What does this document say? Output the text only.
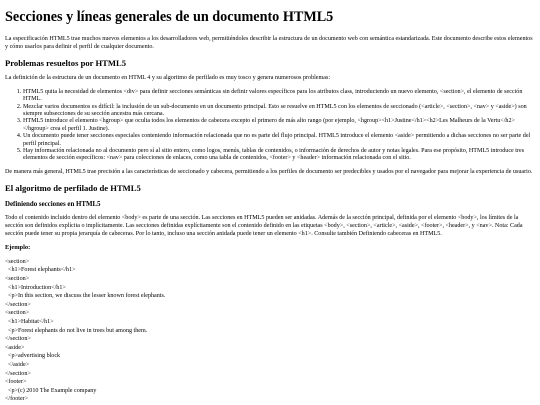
Secciones y líneas generales de un documento HTML5

La especificación HTML5 trae muchos nuevos elementos a los desarrolladores web, permitiéndoles describir la estructura de un documento web con semántica estandarizada. Este documento describe estos elementos y cómo usarlos para definir el perfil de cualquier documento.

Problemas resueltos por HTML5

La definición de la estructura de un documento en HTML 4 y su algoritmo de perfilado es muy tosco y genera numerosos problemas:

1. HTML5 quita la necesidad de elementos <div> para definir secciones semánticas sin definir valores específicos para los atributos class, introduciendo un nuevo elemento, <section>, el elemento de sección HTML.
2. Mezclar varios documentos es difícil: la inclusión de un sub-documento en un documento principal. Esto se resuelve en HTML5 con los elementos de seccionado (<article>, <section>, <nav> y <aside>) son siempre subsecciones de su sección ancestra más cercana.
3. HTML5 introduce el elemento <hgroup> que oculta todos los elementos de cabecera excepto el primero de más alto rango (por ejemplo, <hgroup><h1>Justine</h1><h2>Les Malheurs de la Vertu</h2></hgroup> crea el perfil 1. Justine).
4. Un documento puede tener secciones especiales conteniendo información relacionada que no es parte del flujo principal. HTML5 introduce el elemento <aside> permitiendo a dichas secciones no ser parte del perfil principal.
5. Hay información relacionada no al documento pero sí al sitio entero, como logos, menús, tablas de contenidos, o información de derechos de autor y notas legales. Para ese propósito, HTML5 introduce tres elementos de sección específicos: <nav> para colecciones de enlaces, como una tabla de contenidos, <footer> y <header> información relacionada con el sitio.

De manera más general, HTML5 trae precisión a las características de seccionado y cabecera, permitiendo a los perfiles de documento ser predecibles y usados por el navegador para mejorar la experiencia de usuario.

El algoritmo de perfilado de HTML5
Definiendo secciones en HTML5

Todo el contenido incluido dentro del elemento <body> es parte de una sección. Las secciones en HTML5 pueden ser anidadas. Además de la sección principal, definida por el elemento <body>, los límites de la sección son definidos explícita o implícitamente. Las secciones definidas explícitamente son el contenido definido en las etiquetas <body>, <section>, <article>, <aside>, <footer>, <header>, y <nav>. Nota: Cada sección puede tener su propia jerarquía de cabeceras. Por lo tanto, incluso una sección anidada puede tener un elemento <h1>. Consulte también Definiendo cabeceras en HTML5.

Ejemplo:

<section>
<h1>Forest elephants</h1>
<section>
<h1>Introduction</h1>
<p>In this section, we discuss the lesser known forest elephants.
</section>
<section>
<h1>Habitat</h1>
<p>Forest elephants do not live in trees but among them.
</section>
<aside>
<p>advertising block
</aside>
</section>
<footer>
<p>(c) 2010 The Example company
</footer>
